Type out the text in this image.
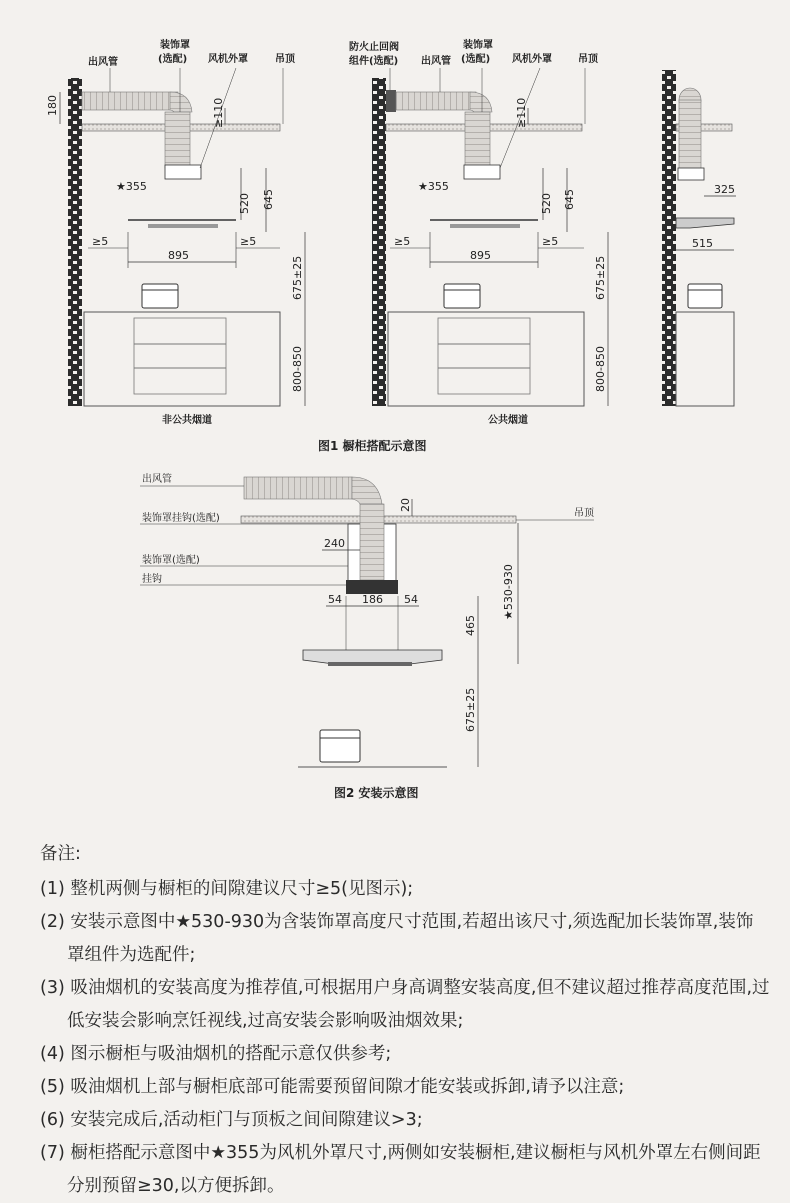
出风管
装饰罩
(选配) 风机外罩	吊顶
180	≥110
★355
520 645
≥5	≥5
895
675±25
800-850
非公共烟道
防火止回阀
组件(选配) 出风管
装饰罩
(选配) 风机外罩	吊顶
≥110
★355
520 645
≥5	≥5
895
675±25
800-850
公共烟道
325
515
图1 橱柜搭配示意图
出风管
装饰罩挂钩(选配)	吊顶
装饰罩(选配)
挂钩
20
240
54 186 54	★530-930
465
675±25
图2 安装示意图
备注:
(1) 整机两侧与橱柜的间隙建议尺寸≥5(见图示);
(2) 安装示意图中★530-930为含装饰罩高度尺寸范围,若超出该尺寸,须选配加长装饰罩,装饰罩组件为选配件;
(3) 吸油烟机的安装高度为推荐值,可根据用户身高调整安装高度,但不建议超过推荐高度范围,过低安装会影响烹饪视线,过高安装会影响吸油烟效果;
(4) 图示橱柜与吸油烟机的搭配示意仅供参考;
(5) 吸油烟机上部与橱柜底部可能需要预留间隙才能安装或拆卸,请予以注意;
(6) 安装完成后,活动柜门与顶板之间间隙建议>3;
(7) 橱柜搭配示意图中★355为风机外罩尺寸,两侧如安装橱柜,建议橱柜与风机外罩左右侧间距分别预留≥30,以方便拆卸。
